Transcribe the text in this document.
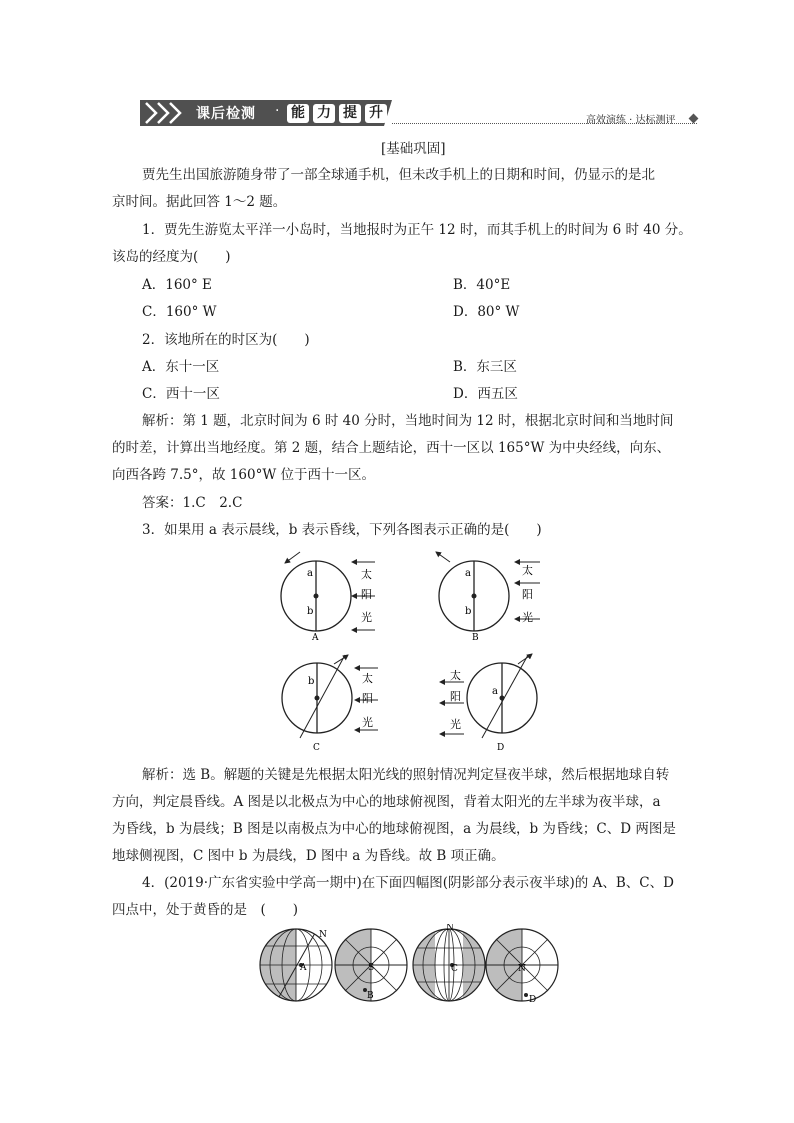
课后检测 · 能 力 提 升	高效演练 · 达标测评
[基础巩固]
贾先生出国旅游随身带了一部全球通手机，但未改手机上的日期和时间，仍显示的是北
京时间。据此回答 1～2 题。
1．贾先生游览太平洋一小岛时，当地报时为正午 12 时，而其手机上的时间为 6 时 40 分。
该岛的经度为(　　)
A．160° E	B．40°E
C．160° W	D．80° W
2．该地所在的时区为(　　)
A．东十一区	B．东三区
C．西十一区	D．西五区
解析：第 1 题，北京时间为 6 时 40 分时，当地时间为 12 时，根据北京时间和当地时间
的时差，计算出当地经度。第 2 题，结合上题结论，西十一区以 165°W 为中央经线，向东、
向西各跨 7.5°，故 160°W 位于西十一区。
答案：1.C　2.C
3．如果用 a 表示晨线，b 表示昏线，下列各图表示正确的是(　　)
a
b
太
阳
光
A
a
b
太
阳
光
B
b	太
阳
光
C
a
太
阳
光
D
解析：选 B。解题的关键是先根据太阳光线的照射情况判定昼夜半球，然后根据地球自转
方向，判定晨昏线。A 图是以北极点为中心的地球俯视图，背着太阳光的左半球为夜半球，a
为昏线，b 为晨线；B 图是以南极点为中心的地球俯视图，a 为晨线，b 为昏线；C、D 两图是
地球侧视图，C 图中 b 为晨线，D 图中 a 为昏线。故 B 项正确。
4．(2019·广东省实验中学高一期中)在下面四幅图(阴影部分表示夜半球)的 A、B、C、D
四点中，处于黄昏的是　(　　)
N
A	S
B
N
C	N
D
